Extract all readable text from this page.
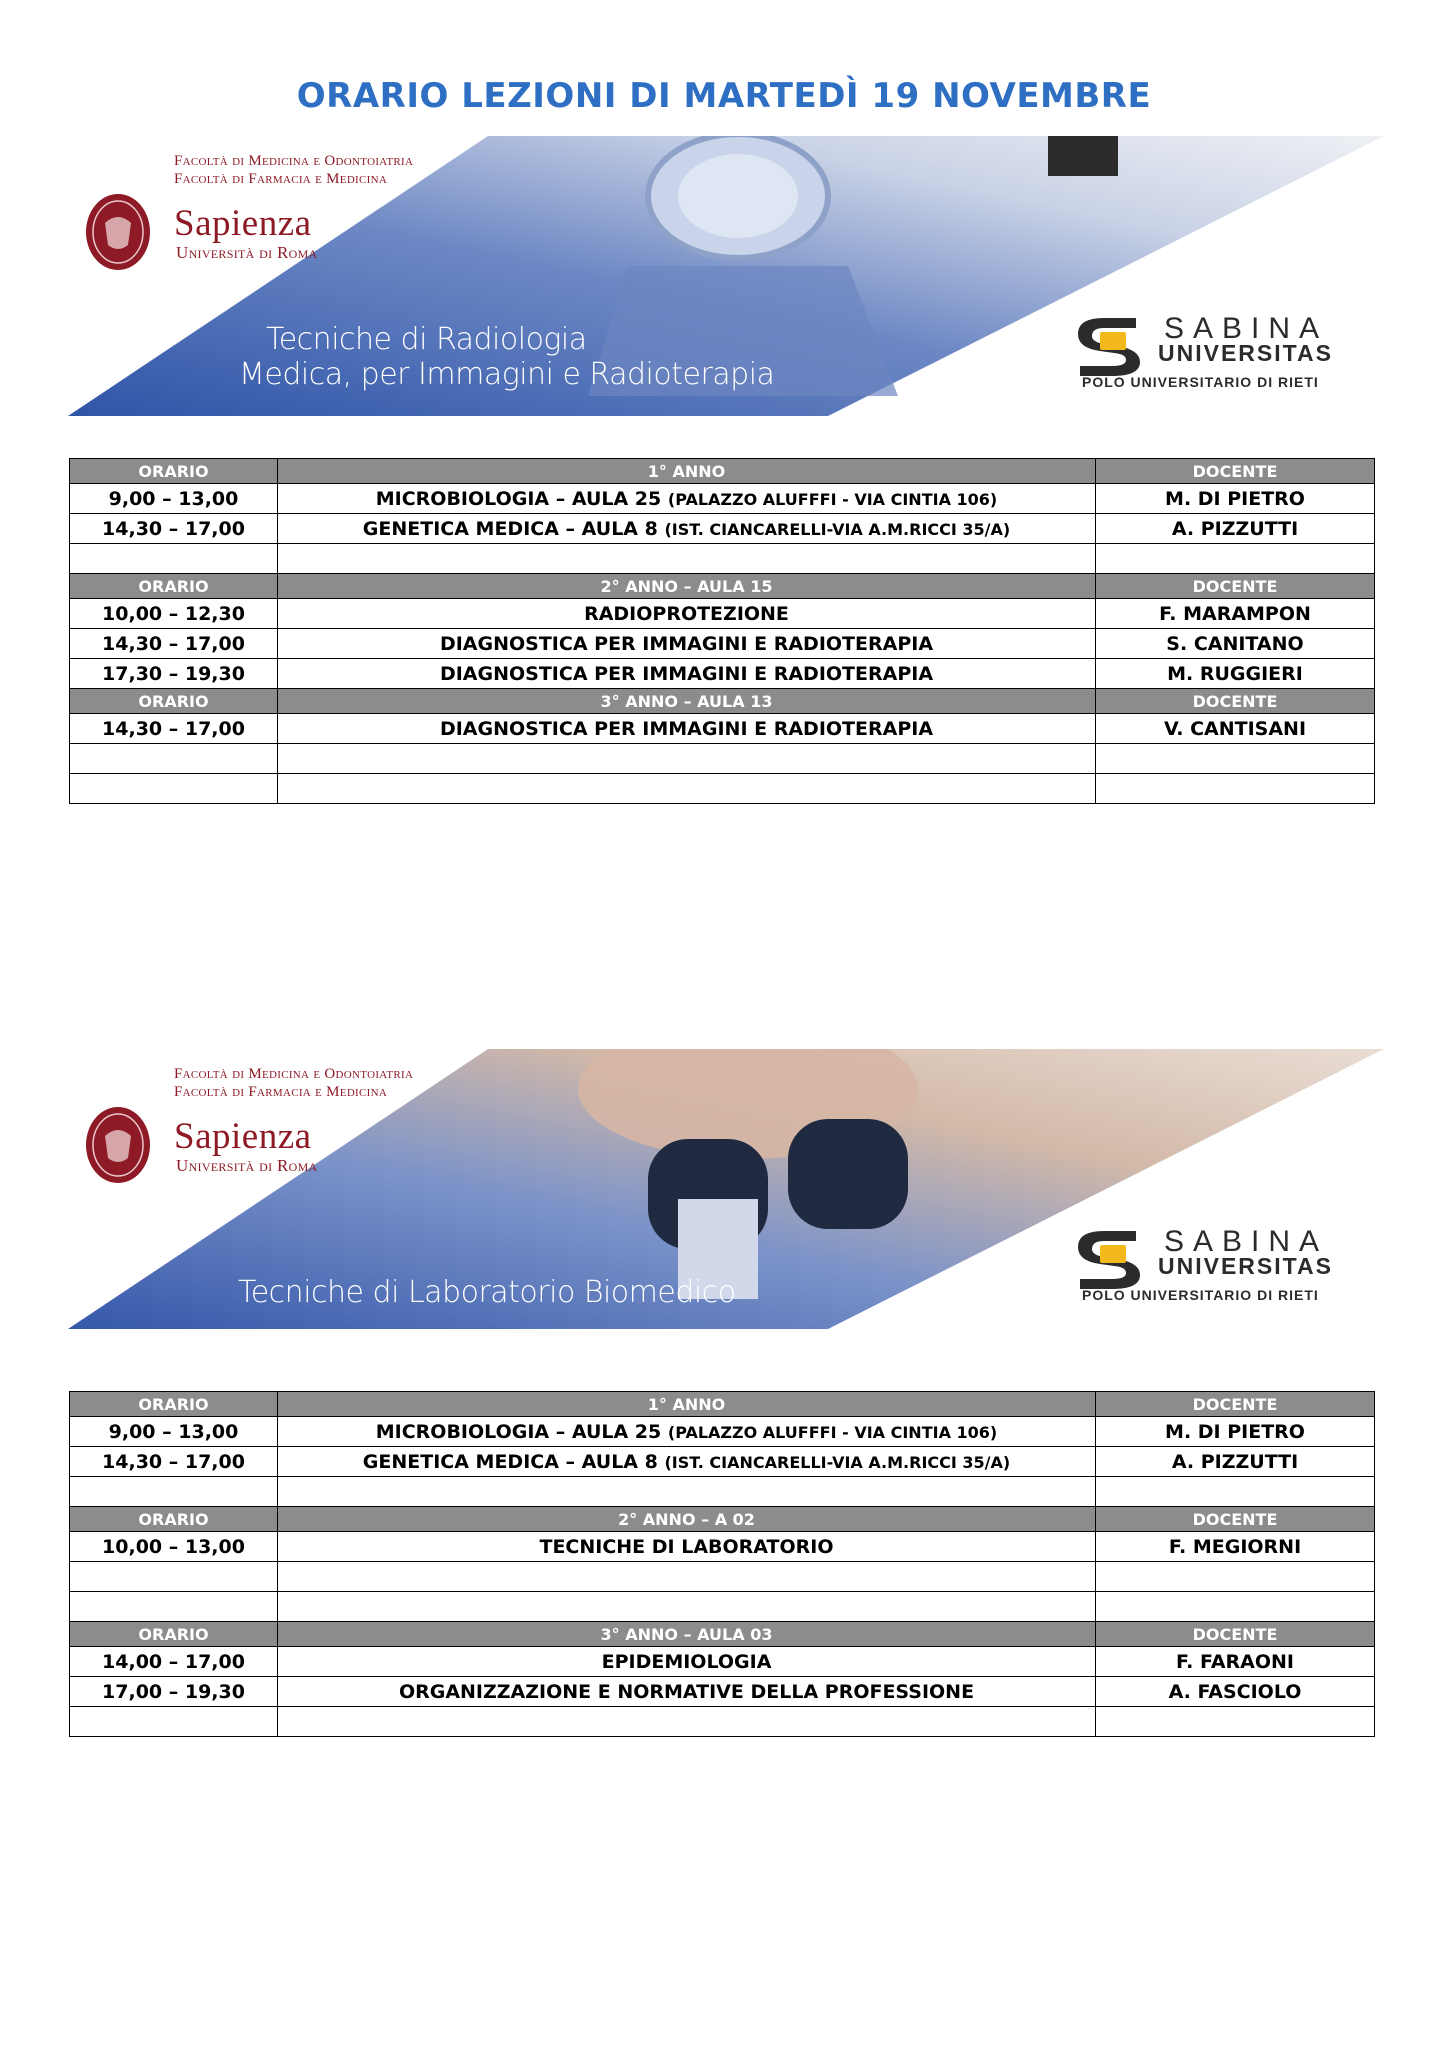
ORARIO LEZIONI DI MARTEDÌ 19 NOVEMBRE
Facoltà di Medicina e Odontoiatria
Facoltà di Farmacia e Medicina
Sapienza
Università di Roma
Tecniche di Radiologia
Medica, per Immagini e Radioterapia
SABINA
UNIVERSITAS
POLO UNIVERSITARIO DI RIETI
ORARIO	1° ANNO	DOCENTE
9,00 – 13,00	MICROBIOLOGIA – AULA 25 (PALAZZO ALUFFFI - VIA CINTIA 106)	M. DI PIETRO
14,30 – 17,00	GENETICA MEDICA – AULA 8 (IST. CIANCARELLI-VIA A.M.RICCI 35/A)	A. PIZZUTTI

ORARIO	2° ANNO – AULA 15	DOCENTE
10,00 – 12,30	RADIOPROTEZIONE	F. MARAMPON
14,30 – 17,00	DIAGNOSTICA PER IMMAGINI E RADIOTERAPIA	S. CANITANO
17,30 – 19,30	DIAGNOSTICA PER IMMAGINI E RADIOTERAPIA	M. RUGGIERI
ORARIO	3° ANNO – AULA 13	DOCENTE
14,30 – 17,00	DIAGNOSTICA PER IMMAGINI E RADIOTERAPIA	V. CANTISANI

Facoltà di Medicina e Odontoiatria
Facoltà di Farmacia e Medicina
Sapienza
Università di Roma
Tecniche di Laboratorio Biomedico
SABINA
UNIVERSITAS
POLO UNIVERSITARIO DI RIETI
ORARIO	1° ANNO	DOCENTE
9,00 – 13,00	MICROBIOLOGIA – AULA 25 (PALAZZO ALUFFFI - VIA CINTIA 106)	M. DI PIETRO
14,30 – 17,00	GENETICA MEDICA – AULA 8 (IST. CIANCARELLI-VIA A.M.RICCI 35/A)	A. PIZZUTTI

ORARIO	2° ANNO – A 02	DOCENTE
10,00 – 13,00	TECNICHE DI LABORATORIO	F. MEGIORNI

ORARIO	3° ANNO – AULA 03	DOCENTE
14,00 – 17,00	EPIDEMIOLOGIA	F. FARAONI
17,00 – 19,30	ORGANIZZAZIONE E NORMATIVE DELLA PROFESSIONE	A. FASCIOLO
